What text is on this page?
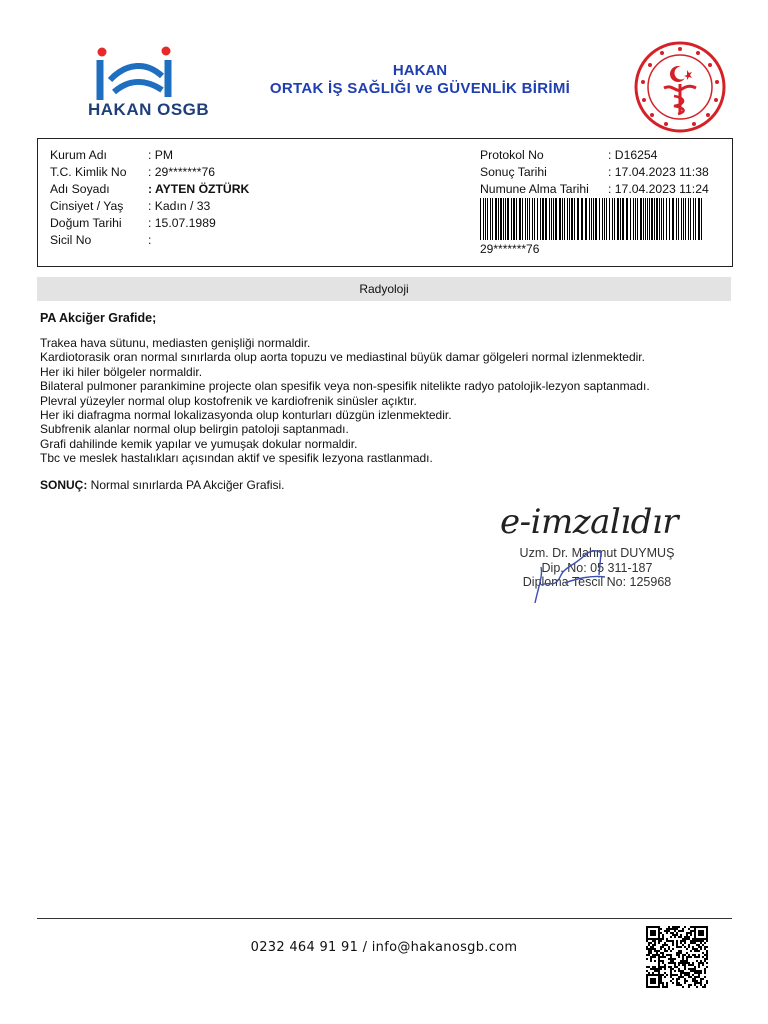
HAKAN OSGB
HAKAN
ORTAK İŞ SAĞLIĞI ve GÜVENLİK BİRİMİ
Kurum Adı	: PM
T.C. Kimlik No : 29*******76
Adı Soyadı	: AYTEN ÖZTÜRK
Cinsiyet / Yaş : Kadın / 33
Doğum Tarihi : 15.07.1989
Sicil No	:
Protokol No	: D16254
Sonuç Tarihi	: 17.04.2023 11:38
Numune Alma Tarihi : 17.04.2023 11:24
29*******76
Radyoloji
PA Akciğer Grafide;
Trakea hava sütunu, mediasten genişliği normaldir.
Kardiotorasik oran normal sınırlarda olup aorta topuzu ve mediastinal büyük damar gölgeleri normal izlenmektedir.
Her iki hiler bölgeler normaldir.
Bilateral pulmoner parankimine projecte olan spesifik veya non-spesifik nitelikte radyo patolojik-lezyon saptanmadı.
Plevral yüzeyler normal olup kostofrenik ve kardiofrenik sinüsler açıktır.
Her iki diafragma normal lokalizasyonda olup konturları düzgün izlenmektedir.
Subfrenik alanlar normal olup belirgin patoloji saptanmadı.
Grafi dahilinde kemik yapılar ve yumuşak dokular normaldir.
Tbc ve meslek hastalıkları açısından aktif ve spesifik lezyona rastlanmadı.
SONUÇ: Normal sınırlarda PA Akciğer Grafisi.
e-imzalıdır
Uzm. Dr. Mahmut DUYMUŞ
Dip. No: 05 311-187
Diploma Tescil No: 125968
0232 464 91 91 / info@hakanosgb.com
